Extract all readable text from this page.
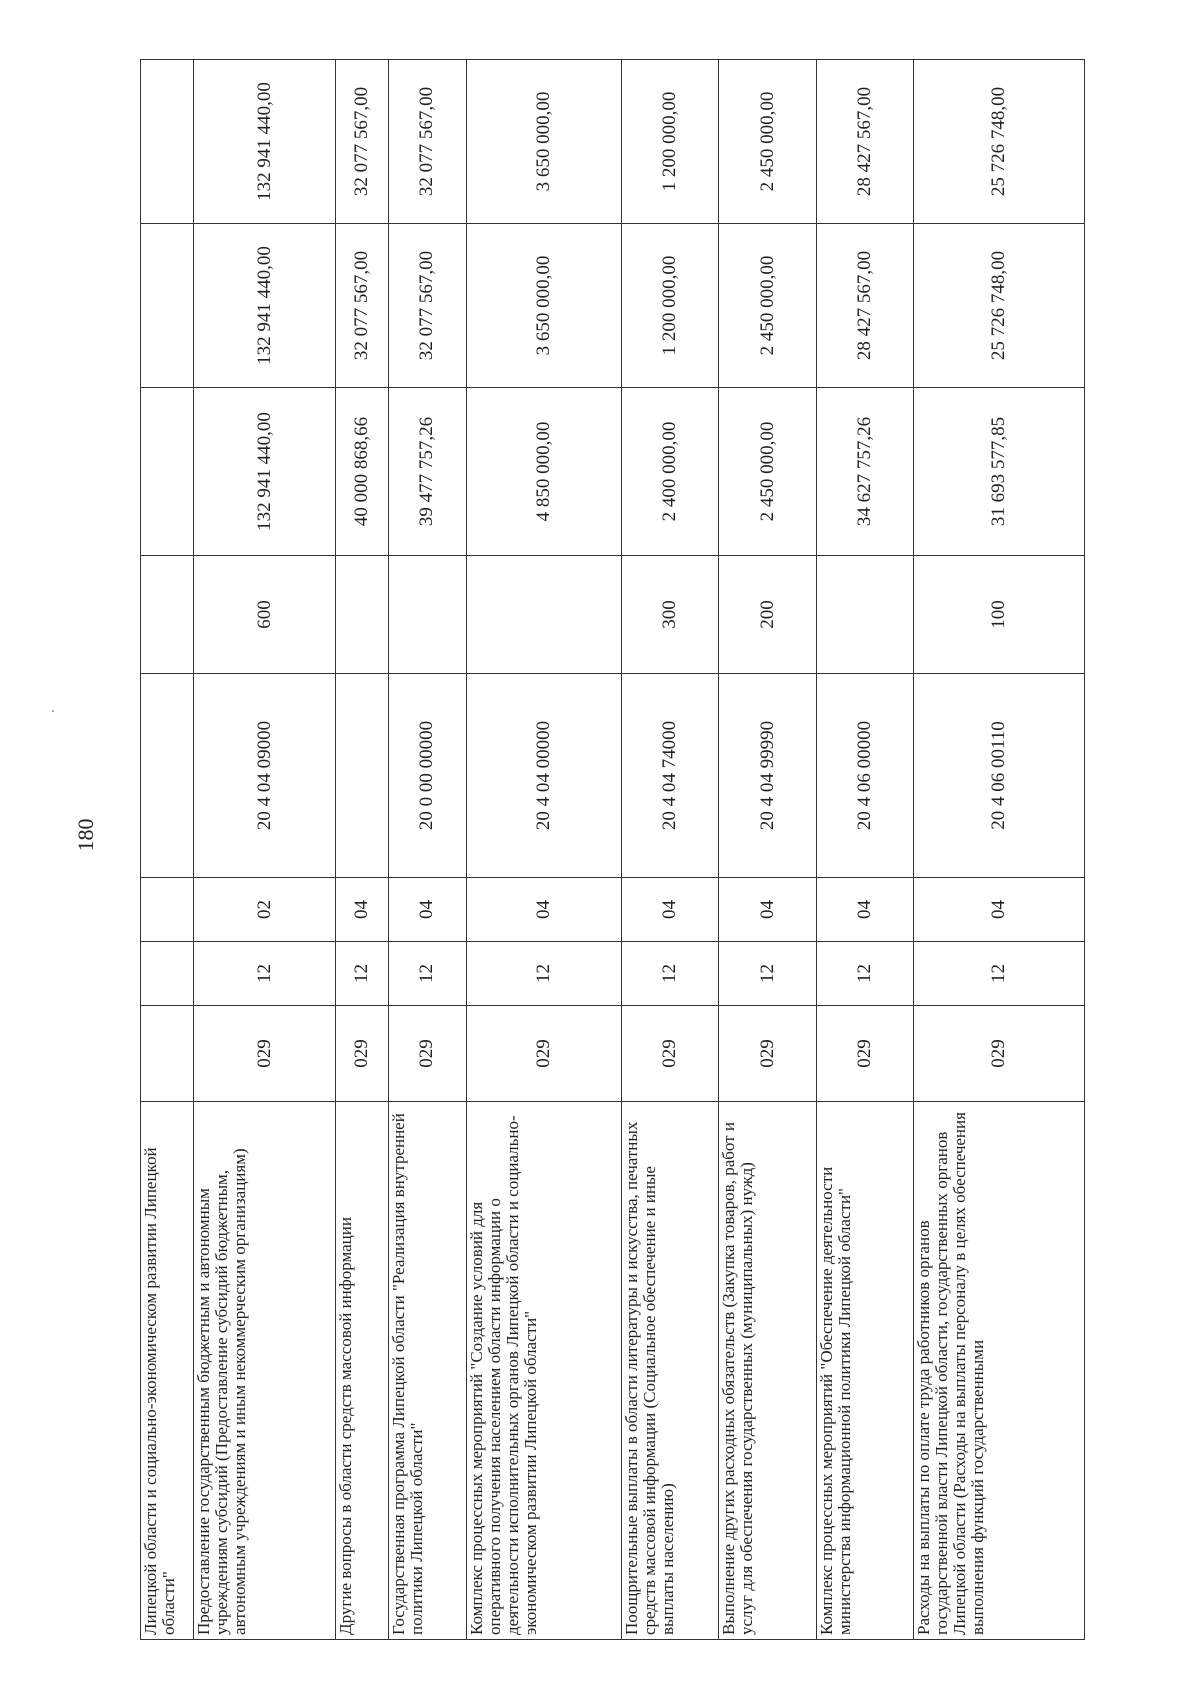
180
Липецкой области и социально-экономическом развитии Липецкой области"								
Предоставление государственным бюджетным и автономным учреждениям субсидий (Предоставление субсидий бюджетным, автономным учреждениям и иным некоммерческим организациям)	029	12	02	20 4 04 09000	600	132 941 440,00	132 941 440,00	132 941 440,00
Другие вопросы в области средств массовой информации	029	12	04			40 000 868,66	32 077 567,00	32 077 567,00
Государственная программа Липецкой области "Реализация внутренней политики Липецкой области"	029	12	04	20 0 00 00000		39 477 757,26	32 077 567,00	32 077 567,00
Комплекс процессных мероприятий "Создание условий для оперативного получения населением области информации о деятельности исполнительных органов Липецкой области и социально-экономическом развитии Липецкой области"	029	12	04	20 4 04 00000		4 850 000,00	3 650 000,00	3 650 000,00
Поощрительные выплаты в области литературы и искусства, печатных средств массовой информации (Социальное обеспечение и иные выплаты населению)	029	12	04	20 4 04 74000	300	2 400 000,00	1 200 000,00	1 200 000,00
Выполнение других расходных обязательств (Закупка товаров, работ и услуг для обеспечения государственных (муниципальных) нужд)	029	12	04	20 4 04 99990	200	2 450 000,00	2 450 000,00	2 450 000,00
Комплекс процессных мероприятий "Обеспечение деятельности министерства информационной политики Липецкой области"	029	12	04	20 4 06 00000		34 627 757,26	28 427 567,00	28 427 567,00
Расходы на выплаты по оплате труда работников органов государственной власти Липецкой области, государственных органов Липецкой области (Расходы на выплаты персоналу в целях обеспечения выполнения функций государственными	029	12	04	20 4 06 00110	100	31 693 577,85	25 726 748,00	25 726 748,00
